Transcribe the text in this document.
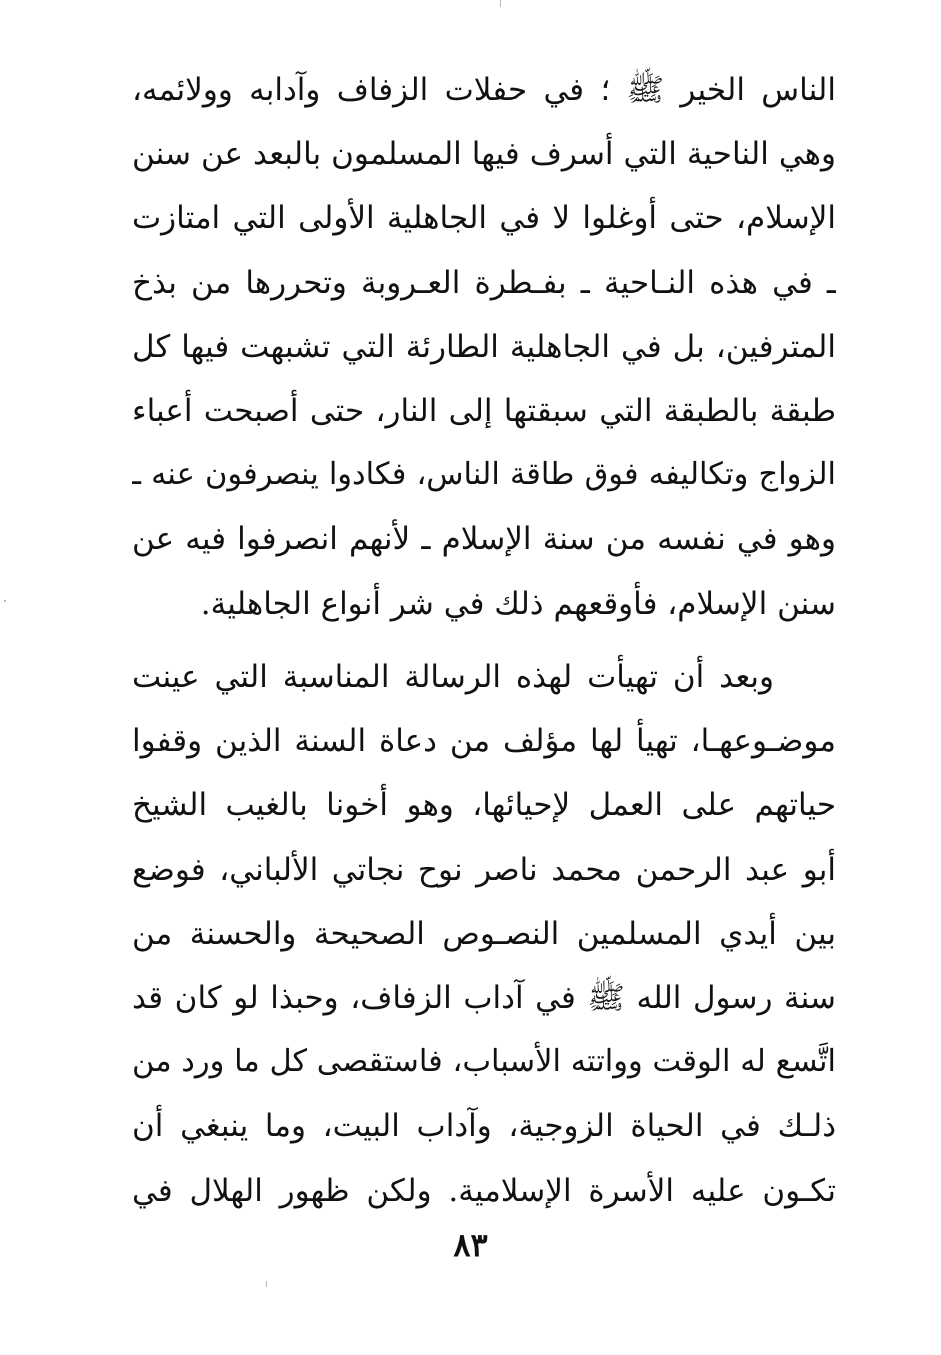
الناس الخير ﷺ ؛ في حفلات الزفاف وآدابه وولائمه،
وهي الناحية التي أسرف فيها المسلمون بالبعد عن سنن
الإسلام، حتى أوغلوا لا في الجاهلية الأولى التي امتازت
ـ في هذه النـاحية ـ بفـطرة العـروبة وتحررها من بذخ
المترفين، بل في الجاهلية الطارئة التي تشبهت فيها كل
طبقة بالطبقة التي سبقتها إلى النار، حتى أصبحت أعباء
الزواج وتكاليفه فوق طاقة الناس، فكادوا ينصرفون عنه ـ
وهو في نفسه من سنة الإسلام ـ لأنهم انصرفوا فيه عن
سنن الإسلام، فأوقعهم ذلك في شر أنواع الجاهلية.
وبعد أن تهيأت لهذه الرسالة المناسبة التي عينت
موضـوعهـا، تهيأ لها مؤلف من دعاة السنة الذين وقفوا
حياتهم على العمل لإحيائها، وهو أخونا بالغيب الشيخ
أبو عبد الرحمن محمد ناصر نوح نجاتي الألباني، فوضع
بين أيدي المسلمين النصـوص الصحيحة والحسنة من
سنة رسول الله ﷺ في آداب الزفاف، وحبذا لو كان قد
اتَّسع له الوقت وواتته الأسباب، فاستقصى كل ما ورد من
ذلـك في الحياة الزوجية، وآداب البيت، وما ينبغي أن
تكـون عليه الأسرة الإسلامية. ولكن ظهور الهلال في
٨٣
